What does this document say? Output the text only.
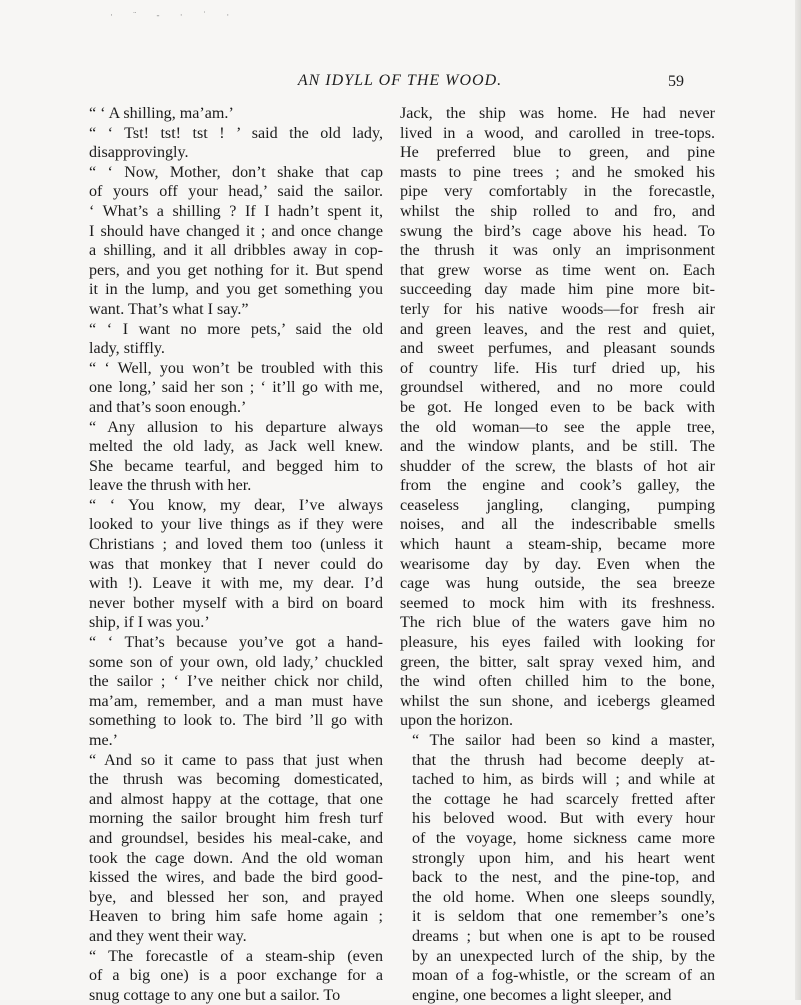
· ¨ - · ˙ ·
AN IDYLL OF THE WOOD.	59

“ ‘ A shilling, ma’am.’

“ ‘ Tst! tst! tst ! ’ said the old lady,
disapprovingly.

“ ‘ Now, Mother, don’t shake that cap
of yours off your head,’ said the sailor.
‘ What’s a shilling ? If I hadn’t spent it,
I should have changed it ; and once change
a shilling, and it all dribbles away in cop-
pers, and you get nothing for it. But spend
it in the lump, and you get something you
want. That’s what I say.”

“ ‘ I want no more pets,’ said the old
lady, stiffly.

“ ‘ Well, you won’t be troubled with this
one long,’ said her son ; ‘ it’ll go with me,
and that’s soon enough.’

“ Any allusion to his departure always
melted the old lady, as Jack well knew.
She became tearful, and begged him to
leave the thrush with her.

“ ‘ You know, my dear, I’ve always
looked to your live things as if they were
Christians ; and loved them too (unless it
was that monkey that I never could do
with !). Leave it with me, my dear. I’d
never bother myself with a bird on board
ship, if I was you.’

“ ‘ That’s because you’ve got a hand-
some son of your own, old lady,’ chuckled
the sailor ; ‘ I’ve neither chick nor child,
ma’am, remember, and a man must have
something to look to. The bird ’ll go with
me.’

“ And so it came to pass that just when
the thrush was becoming domesticated,
and almost happy at the cottage, that one
morning the sailor brought him fresh turf
and groundsel, besides his meal-cake, and
took the cage down. And the old woman
kissed the wires, and bade the bird good-
bye, and blessed her son, and prayed
Heaven to bring him safe home again ;
and they went their way.

“ The forecastle of a steam-ship (even
of a big one) is a poor exchange for a
snug cottage to any one but a sailor. To

Jack, the ship was home. He had never
lived in a wood, and carolled in tree-tops.
He preferred blue to green, and pine
masts to pine trees ; and he smoked his
pipe very comfortably in the forecastle,
whilst the ship rolled to and fro, and
swung the bird’s cage above his head. To
the thrush it was only an imprisonment
that grew worse as time went on. Each
succeeding day made him pine more bit-
terly for his native woods—for fresh air
and green leaves, and the rest and quiet,
and sweet perfumes, and pleasant sounds
of country life. His turf dried up, his
groundsel withered, and no more could
be got. He longed even to be back with
the old woman—to see the apple tree,
and the window plants, and be still. The
shudder of the screw, the blasts of hot air
from the engine and cook’s galley, the
ceaseless jangling, clanging, pumping
noises, and all the indescribable smells
which haunt a steam-ship, became more
wearisome day by day. Even when the
cage was hung outside, the sea breeze
seemed to mock him with its freshness.
The rich blue of the waters gave him no
pleasure, his eyes failed with looking for
green, the bitter, salt spray vexed him, and
the wind often chilled him to the bone,
whilst the sun shone, and icebergs gleamed
upon the horizon.

“ The sailor had been so kind a master,
that the thrush had become deeply at-
tached to him, as birds will ; and while at
the cottage he had scarcely fretted after
his beloved wood. But with every hour
of the voyage, home sickness came more
strongly upon him, and his heart went
back to the nest, and the pine-top, and
the old home. When one sleeps soundly,
it is seldom that one remember’s one’s
dreams ; but when one is apt to be roused
by an unexpected lurch of the ship, by the
moan of a fog-whistle, or the scream of an
engine, one becomes a light sleeper, and
